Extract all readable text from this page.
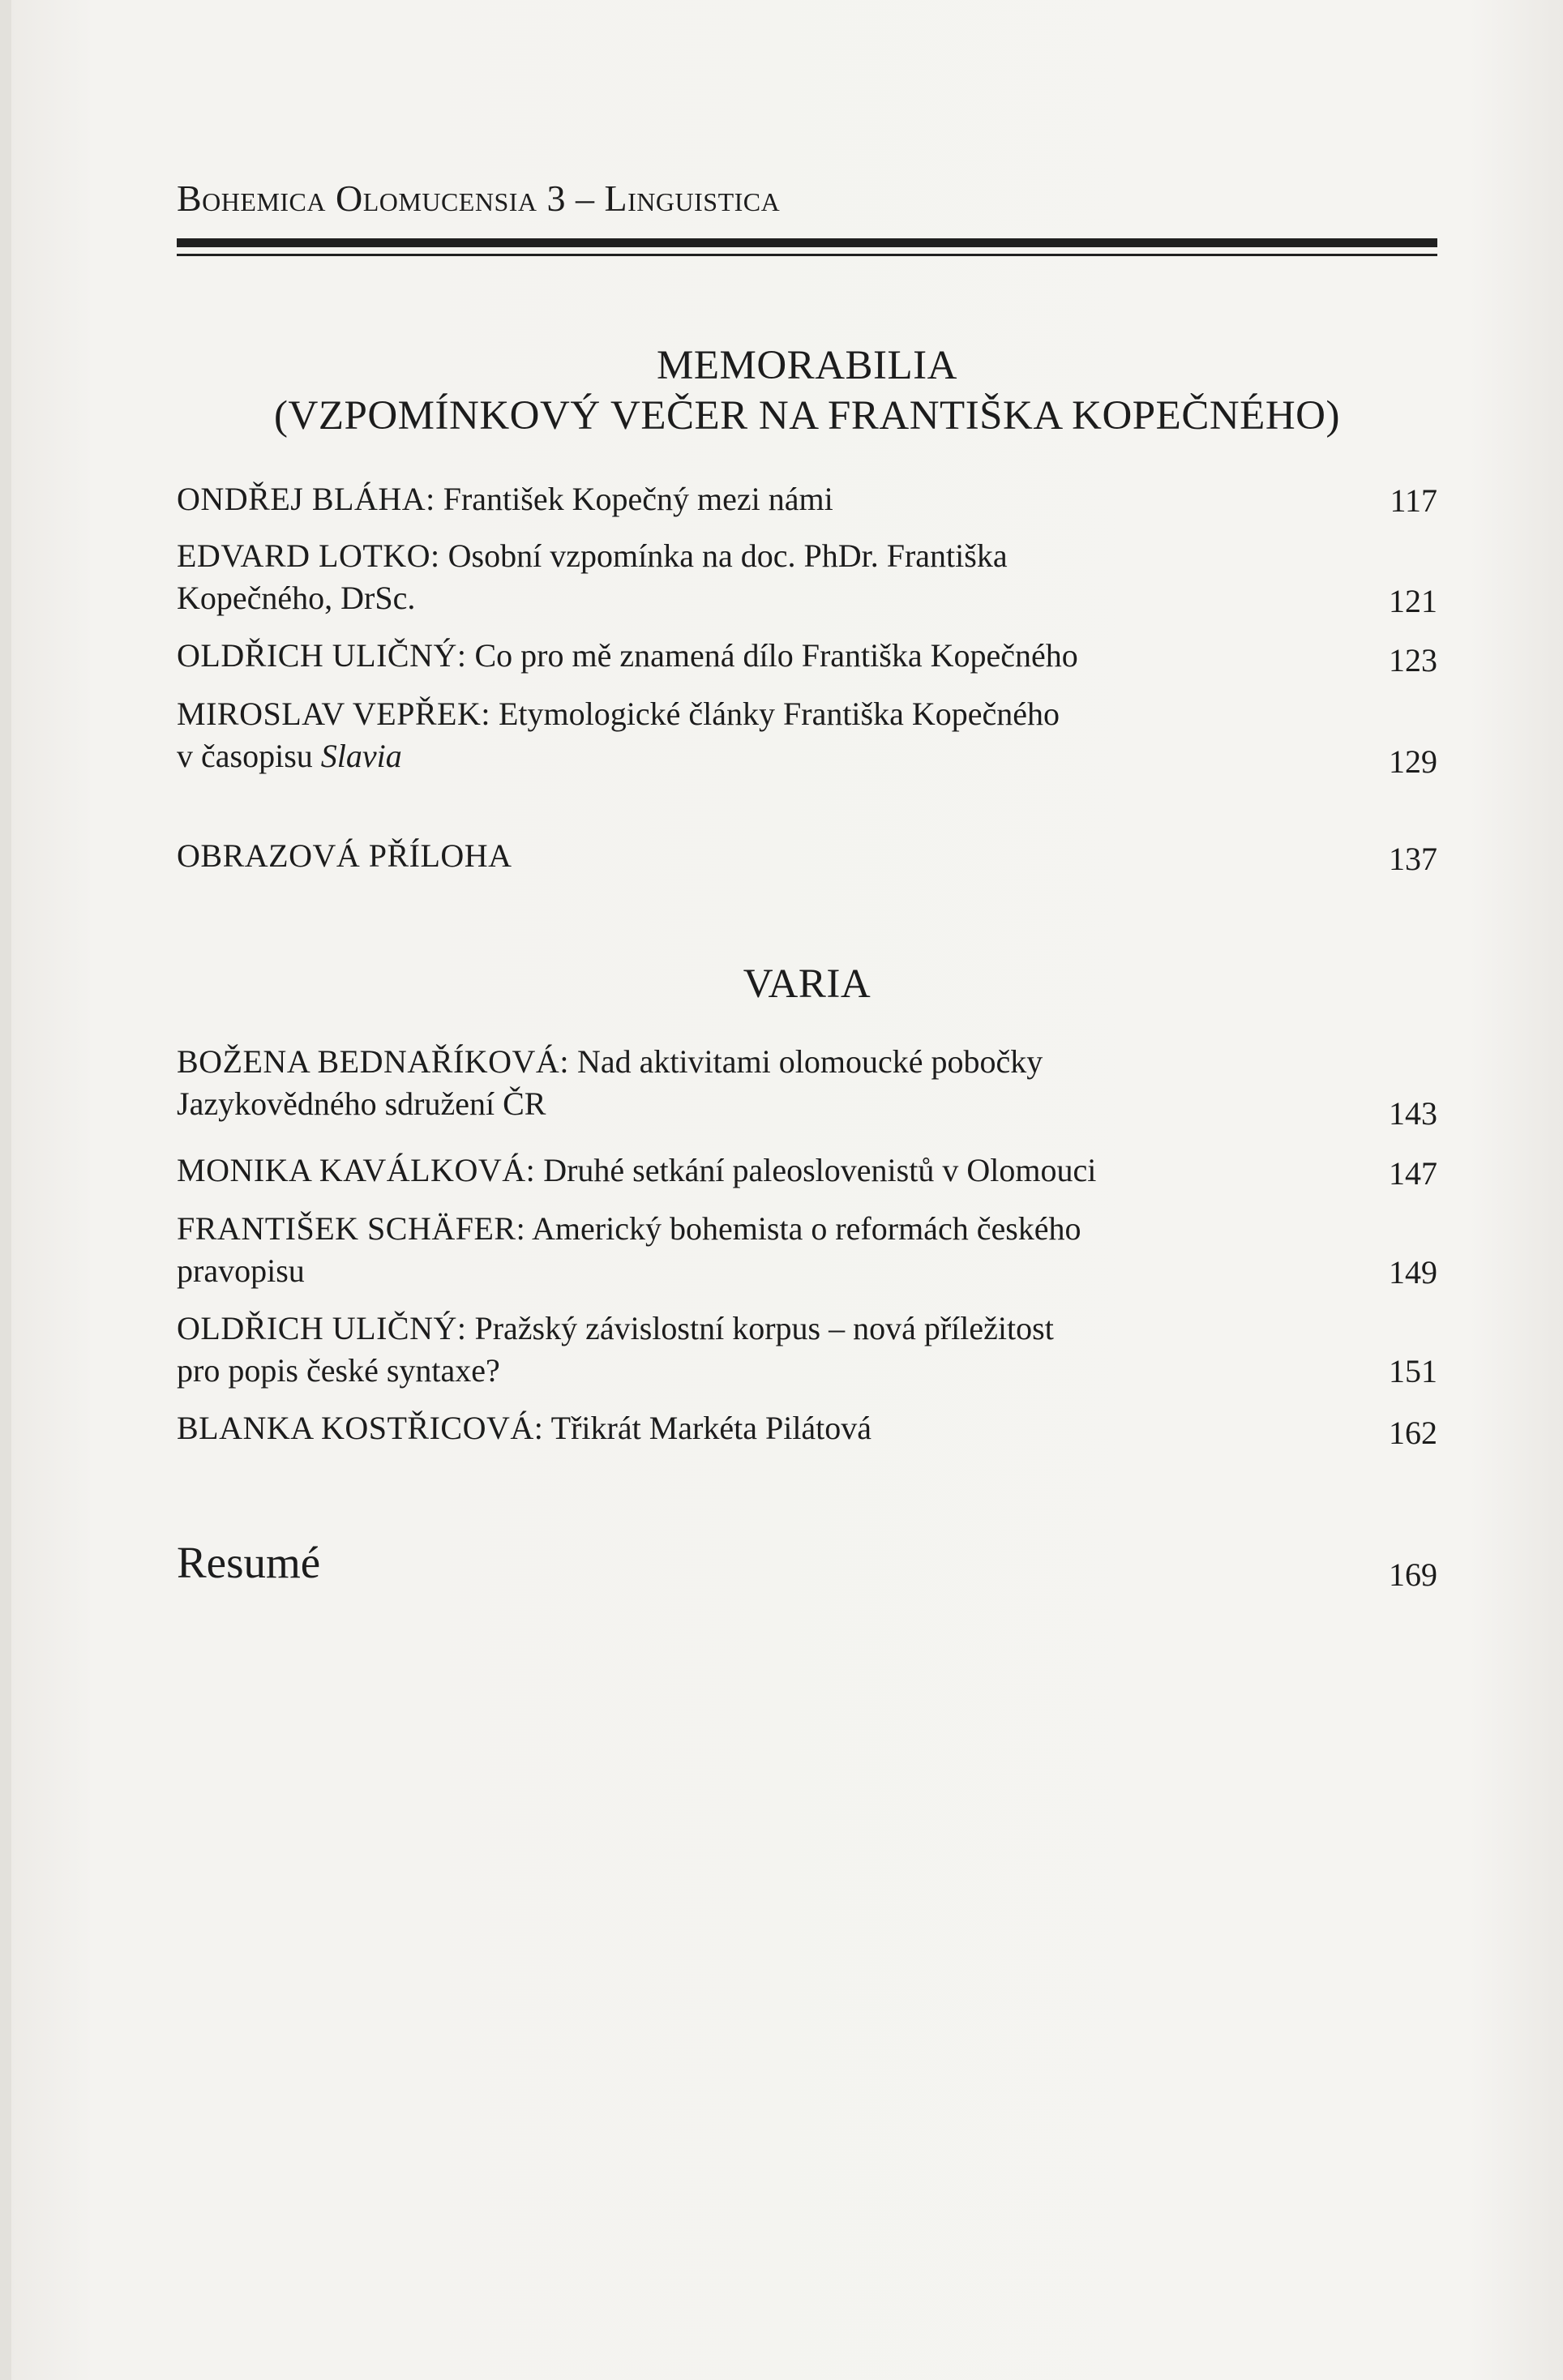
Bohemica Olomucensia 3 – Linguistica
MEMORABILIA
(VZPOMÍNKOVÝ VEČER NA FRANTIŠKA KOPEČNÉHO)
ONDŘEJ BLÁHA: František Kopečný mezi námi	117
EDVARD LOTKO: Osobní vzpomínka na doc. PhDr. Františka
Kopečného, DrSc.	121
OLDŘICH ULIČNÝ: Co pro mě znamená dílo Františka Kopečného	123
MIROSLAV VEPŘEK: Etymologické články Františka Kopečného
v časopisu Slavia	129
OBRAZOVÁ PŘÍLOHA	137
VARIA
BOŽENA BEDNAŘÍKOVÁ: Nad aktivitami olomoucké pobočky
Jazykovědného sdružení ČR	143
MONIKA KAVÁLKOVÁ: Druhé setkání paleoslovenistů v Olomouci	147
FRANTIŠEK SCHÄFER: Americký bohemista o reformách českého
pravopisu	149
OLDŘICH ULIČNÝ: Pražský závislostní korpus – nová příležitost
pro popis české syntaxe?	151
BLANKA KOSTŘICOVÁ: Třikrát Markéta Pilátová	162
Resumé	169
